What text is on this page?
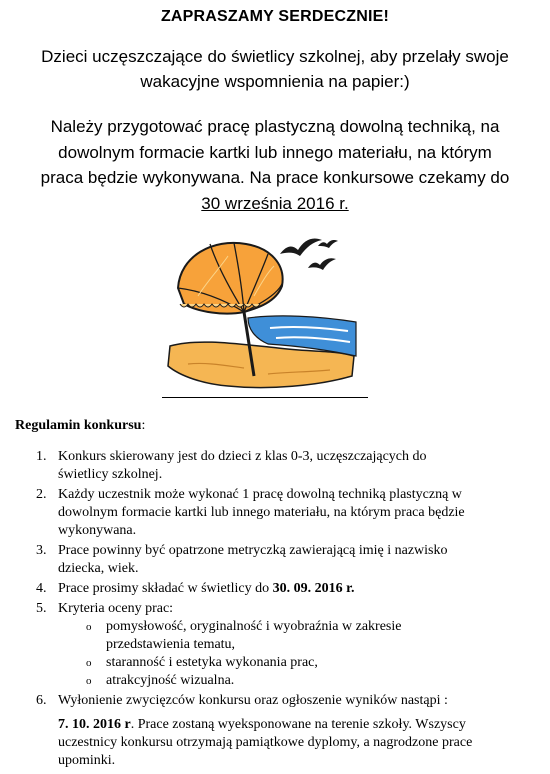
ZAPRASZAMY SERDECZNIE!
Dzieci uczęszczające do świetlicy szkolnej, aby przelały swoje
wakacyjne wspomnienia na papier:)
Należy przygotować pracę plastyczną dowolną techniką, na
dowolnym formacie kartki lub innego materiału, na którym
praca będzie wykonywana. Na prace konkursowe czekamy do
30 września 2016 r.
Regulamin konkursu:
1. Konkurs skierowany jest do dzieci z klas 0-3, uczęszczających do
świetlicy szkolnej.
2. Każdy uczestnik może wykonać 1 pracę dowolną techniką plastyczną w
dowolnym formacie kartki lub innego materiału, na którym praca będzie
wykonywana.
3. Prace powinny być opatrzone metryczką zawierającą imię i nazwisko
dziecka, wiek.
4. Prace prosimy składać w świetlicy do 30. 09. 2016 r.
5. Kryteria oceny prac:
o pomysłowość, oryginalność i wyobraźnia w zakresie
przedstawienia tematu,
o staranność i estetyka wykonania prac,
o atrakcyjność wizualna.
6. Wyłonienie zwycięzców konkursu oraz ogłoszenie wyników nastąpi :
7. 10. 2016 r. Prace zostaną wyeksponowane na terenie szkoły. Wszyscy
uczestnicy konkursu otrzymają pamiątkowe dyplomy, a nagrodzone prace
upominki.
